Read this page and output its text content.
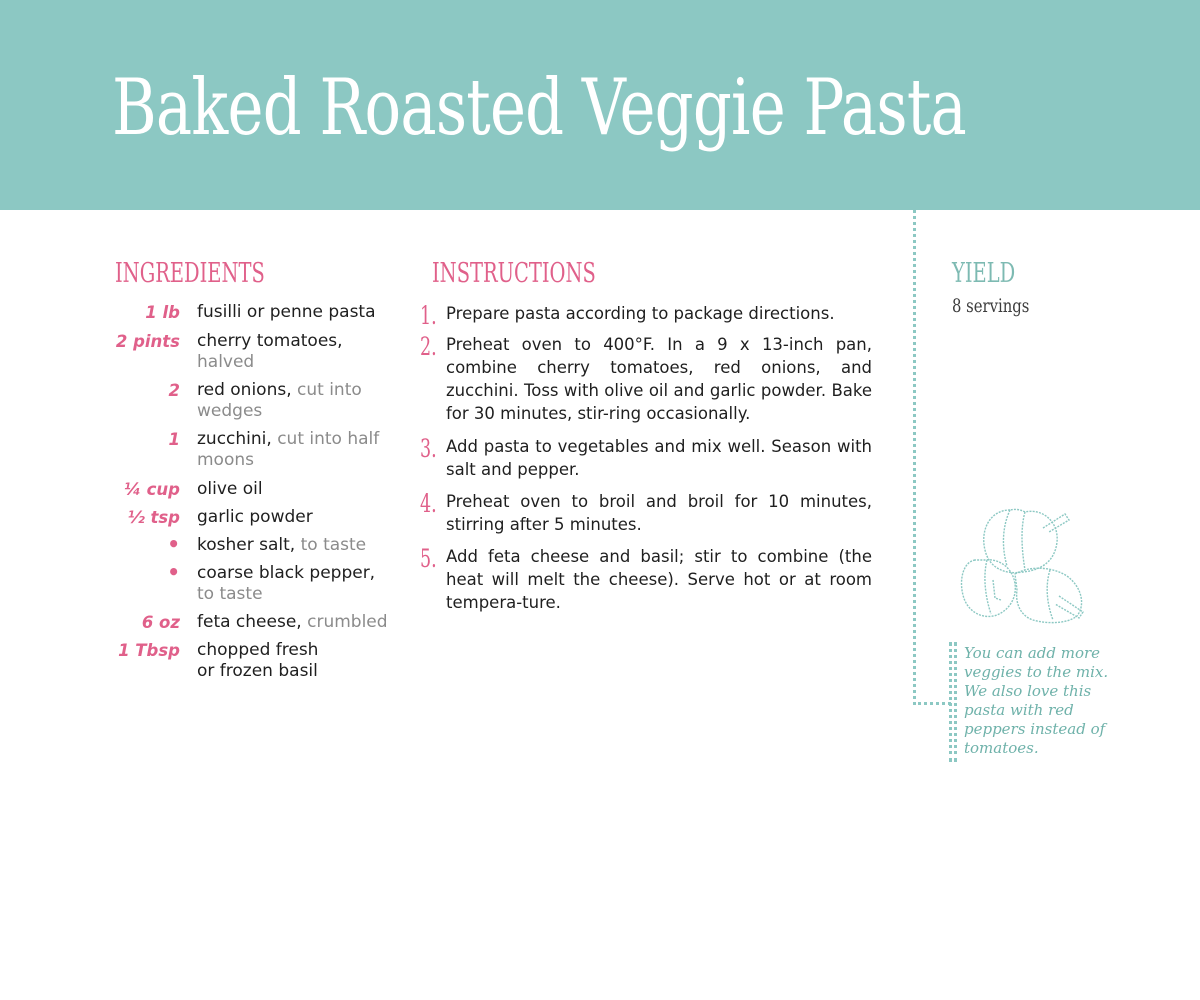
Baked Roasted Veggie Pasta
INGREDIENTS
1 lb fusilli or penne pasta
2 pints cherry tomatoes,
halved
2 red onions, cut into wedges
1 zucchini, cut into half moons
¼ cup olive oil
½ tsp garlic powder
• kosher salt, to taste
• coarse black pepper,
to taste
6 oz feta cheese, crumbled
1 Tbsp chopped fresh or frozen basil
INSTRUCTIONS
1. Prepare pasta according to package directions.
2. Preheat oven to 400°F. In a 9 x 13-inch pan, combine cherry tomatoes, red onions, and zucchini. Toss with olive oil and garlic powder. Bake for 30 minutes, stir-ring occasionally.
3. Add pasta to vegetables and mix well. Season with salt and pepper.
4. Preheat oven to broil and broil for 10 minutes, stirring after 5 minutes.
5. Add feta cheese and basil; stir to combine (the heat will melt the cheese). Serve hot or at room tempera-ture.
YIELD
8 servings
You can add more
veggies to the mix.
We also love this
pasta with red
peppers instead of
tomatoes.
